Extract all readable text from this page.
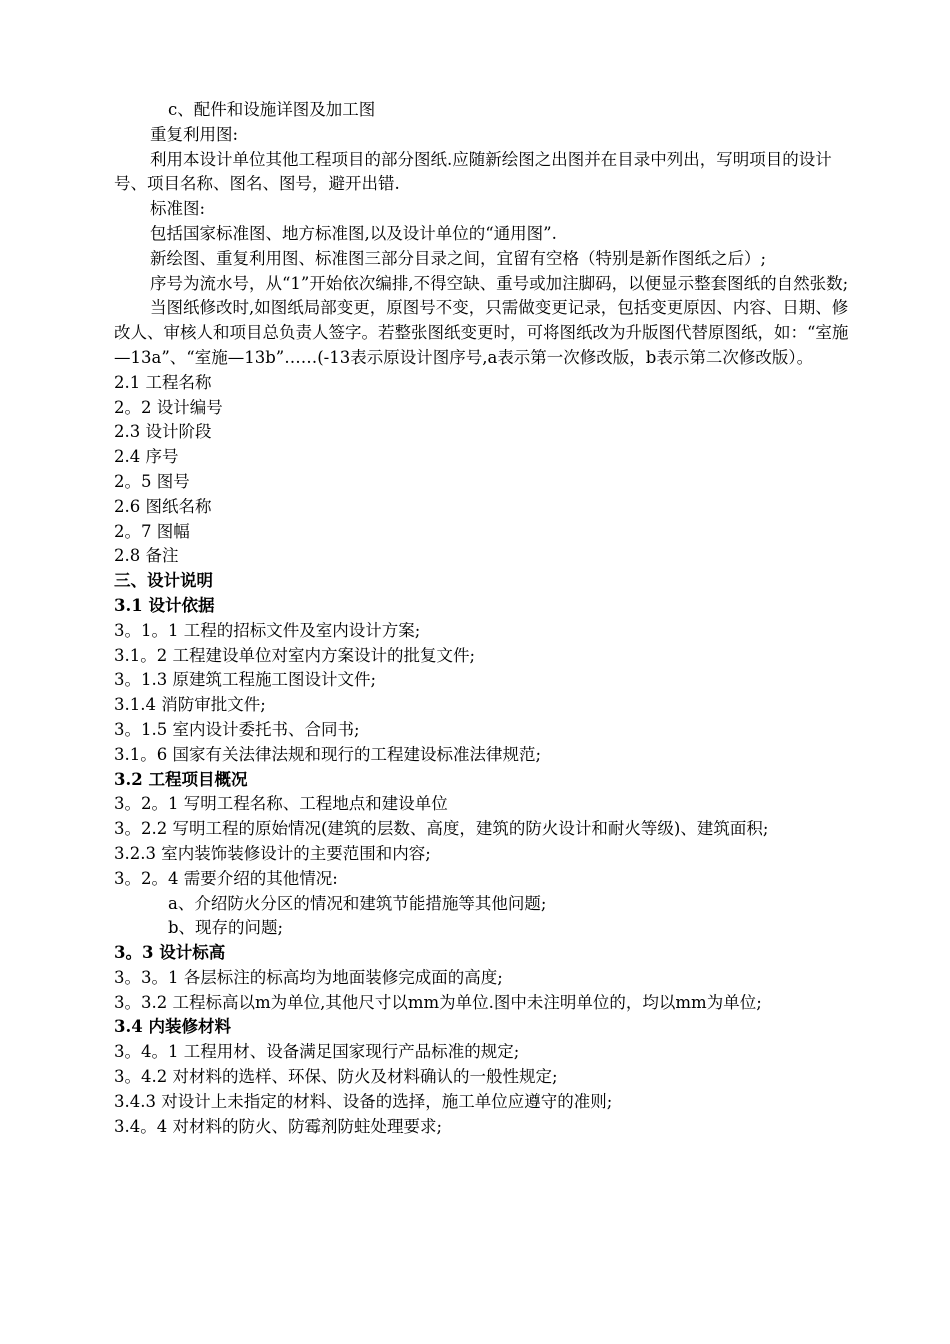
c、配件和设施详图及加工图

重复利用图:

利用本设计单位其他工程项目的部分图纸.应随新绘图之出图并在目录中列出，写明项目的设计号、项目名称、图名、图号，避开出错.

标准图:

包括国家标准图、地方标准图,以及设计单位的“通用图”.

新绘图、重复利用图、标准图三部分目录之间，宜留有空格（特别是新作图纸之后）;

序号为流水号，从“1”开始依次编排,不得空缺、重号或加注脚码，以便显示整套图纸的自然张数;

当图纸修改时,如图纸局部变更，原图号不变，只需做变更记录，包括变更原因、内容、日期、修改人、审核人和项目总负责人签字。若整张图纸变更时，可将图纸改为升版图代替原图纸，如：“室施—13a”、“室施—13b”……(-13表示原设计图序号,a表示第一次修改版，b表示第二次修改版）。

2.1 工程名称

2。2 设计编号

2.3 设计阶段

2.4 序号

2。5 图号

2.6 图纸名称

2。7 图幅

2.8 备注

三、设计说明

3.1 设计依据

3。1。1 工程的招标文件及室内设计方案;

3.1。2 工程建设单位对室内方案设计的批复文件;

3。1.3 原建筑工程施工图设计文件;

3.1.4 消防审批文件;

3。1.5 室内设计委托书、合同书;

3.1。6 国家有关法律法规和现行的工程建设标准法律规范;

3.2 工程项目概况

3。2。1 写明工程名称、工程地点和建设单位

3。2.2 写明工程的原始情况(建筑的层数、高度，建筑的防火设计和耐火等级)、建筑面积;

3.2.3 室内装饰装修设计的主要范围和内容;

3。2。4 需要介绍的其他情况:

a、介绍防火分区的情况和建筑节能措施等其他问题;

b、现存的问题;

3。3 设计标高

3。3。1 各层标注的标高均为地面装修完成面的高度;

3。3.2 工程标高以m为单位,其他尺寸以mm为单位.图中未注明单位的，均以mm为单位;

3.4 内装修材料

3。4。1 工程用材、设备满足国家现行产品标准的规定;

3。4.2 对材料的选样、环保、防火及材料确认的一般性规定;

3.4.3 对设计上未指定的材料、设备的选择，施工单位应遵守的准则;

3.4。4 对材料的防火、防霉剂防蛀处理要求;
